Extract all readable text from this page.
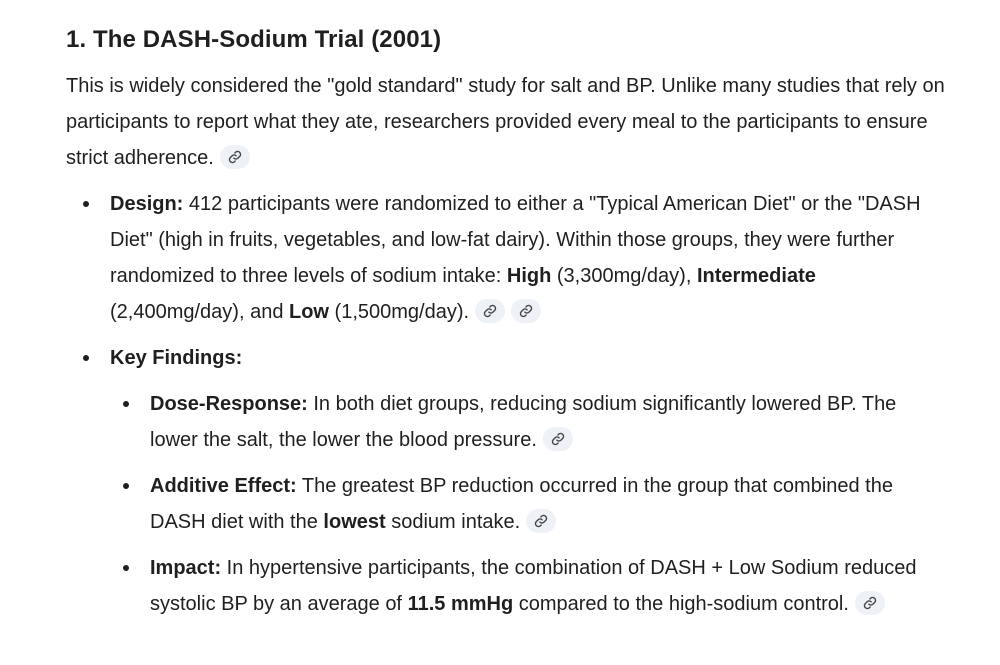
1. The DASH-Sodium Trial (2001)

This is widely considered the "gold standard" study for salt and BP. Unlike many studies that rely on participants to report what they ate, researchers provided every meal to the participants to ensure strict adherence.

Design: 412 participants were randomized to either a "Typical American Diet" or the "DASH Diet" (high in fruits, vegetables, and low-fat dairy). Within those groups, they were further randomized to three levels of sodium intake: High (3,300mg/day), Intermediate (2,400mg/day), and Low (1,500mg/day).
Key Findings:
Dose-Response: In both diet groups, reducing sodium significantly lowered BP. The lower the salt, the lower the blood pressure.
Additive Effect: The greatest BP reduction occurred in the group that combined the DASH diet with the lowest sodium intake.
Impact: In hypertensive participants, the combination of DASH + Low Sodium reduced systolic BP by an average of 11.5 mmHg compared to the high-sodium control.
